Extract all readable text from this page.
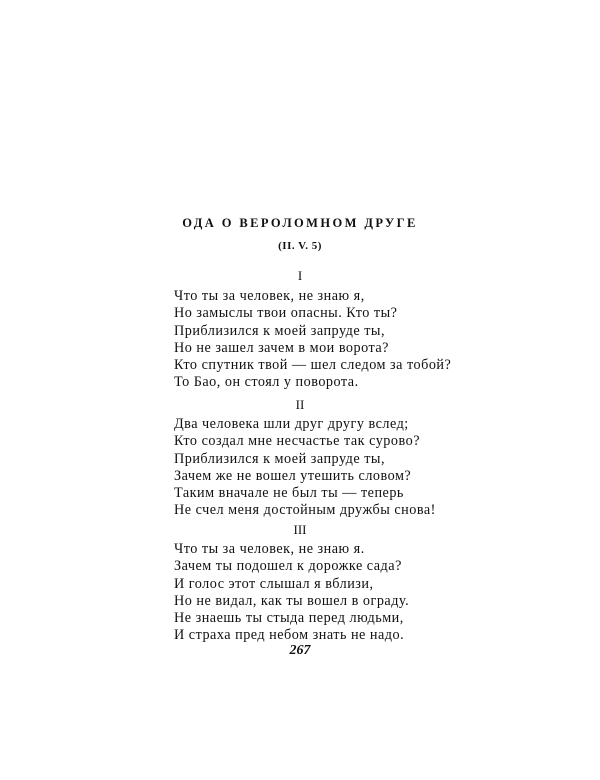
ОДА О ВЕРОЛОМНОМ ДРУГЕ
(II. V. 5)
I
Что ты за человек, не знаю я,
Но замыслы твои опасны. Кто ты?
Приблизился к моей запруде ты,
Но не зашел зачем в мои ворота?
Кто спутник твой — шел следом за тобой?
То Бао, он стоял у поворота.
II
Два человека шли друг другу вслед;
Кто создал мне несчастье так сурово?
Приблизился к моей запруде ты,
Зачем же не вошел утешить словом?
Таким вначале не был ты — теперь
Не счел меня достойным дружбы снова!
III
Что ты за человек, не знаю я.
Зачем ты подошел к дорожке сада?
И голос этот слышал я вблизи,
Но не видал, как ты вошел в ограду.
Не знаешь ты стыда перед людьми,
И страха пред небом знать не надо.
267
